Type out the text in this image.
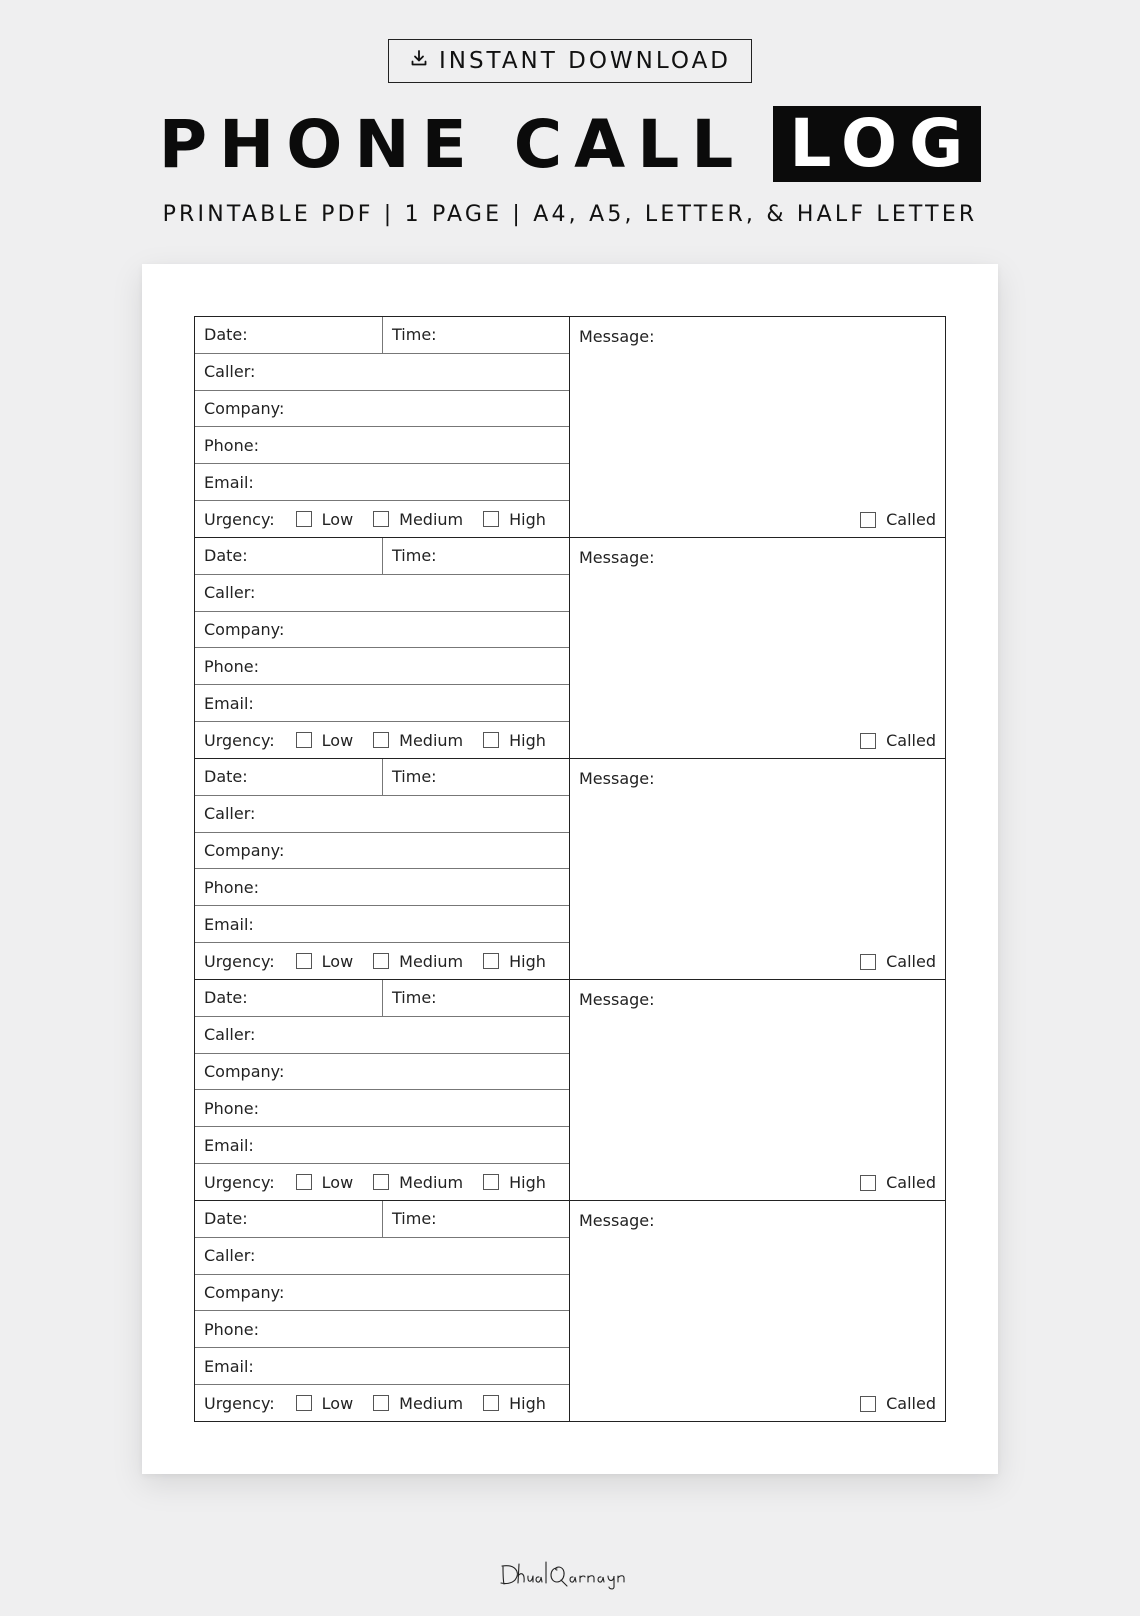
INSTANT DOWNLOAD
PHONE CALL LOG
PRINTABLE PDF | 1 PAGE | A4, A5, LETTER, & HALF LETTER
Date:	Time:
Caller:
Company:
Phone:
Email:
Urgency:	Low	Medium	High
Message:
Called
Date:	Time:
Caller:
Company:
Phone:
Email:
Urgency:	Low	Medium	High
Message:
Called
Date:	Time:
Caller:
Company:
Phone:
Email:
Urgency:	Low	Medium	High
Message:
Called
Date:	Time:
Caller:
Company:
Phone:
Email:
Urgency:	Low	Medium	High
Message:
Called
Date:	Time:
Caller:
Company:
Phone:
Email:
Urgency:	Low	Medium	High
Message:
Called
